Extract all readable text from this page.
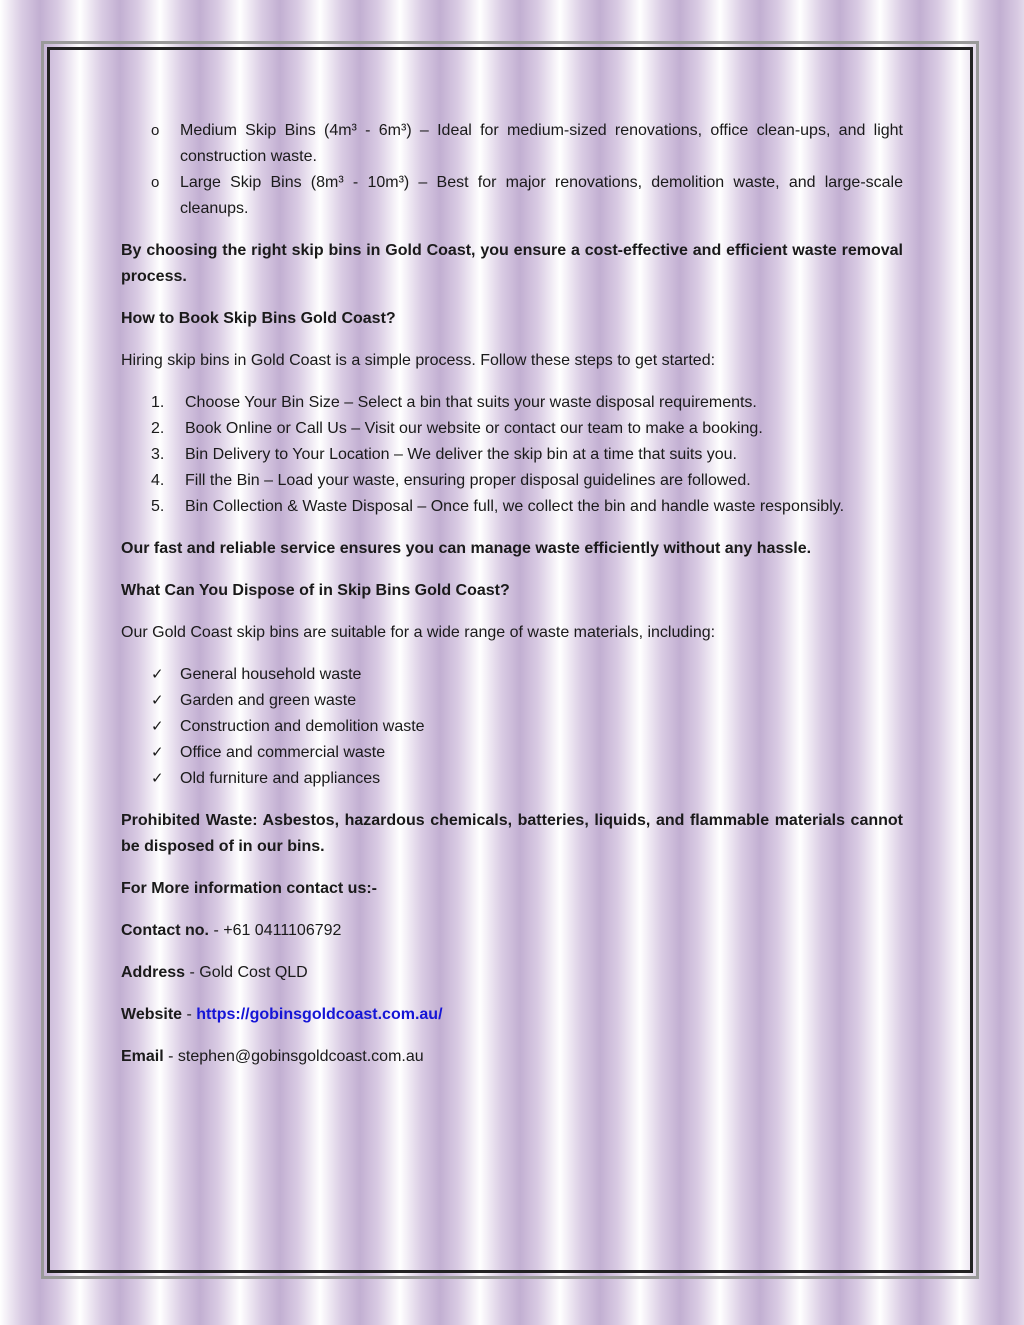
o Medium Skip Bins (4m³ - 6m³) – Ideal for medium-sized renovations, office clean-ups, and light construction waste.
o Large Skip Bins (8m³ - 10m³) – Best for major renovations, demolition waste, and large-scale cleanups.

By choosing the right skip bins in Gold Coast, you ensure a cost-effective and efficient waste removal process.

How to Book Skip Bins Gold Coast?

Hiring skip bins in Gold Coast is a simple process. Follow these steps to get started:

1. Choose Your Bin Size – Select a bin that suits your waste disposal requirements.
2. Book Online or Call Us – Visit our website or contact our team to make a booking.
3. Bin Delivery to Your Location – We deliver the skip bin at a time that suits you.
4. Fill the Bin – Load your waste, ensuring proper disposal guidelines are followed.
5. Bin Collection & Waste Disposal – Once full, we collect the bin and handle waste responsibly.

Our fast and reliable service ensures you can manage waste efficiently without any hassle.

What Can You Dispose of in Skip Bins Gold Coast?

Our Gold Coast skip bins are suitable for a wide range of waste materials, including:

✓ General household waste
✓ Garden and green waste
✓ Construction and demolition waste
✓ Office and commercial waste
✓ Old furniture and appliances

Prohibited Waste: Asbestos, hazardous chemicals, batteries, liquids, and flammable materials cannot be disposed of in our bins.

For More information contact us:-

Contact no. - +61 0411106792

Address - Gold Cost QLD

Website - https://gobinsgoldcoast.com.au/

Email - stephen@gobinsgoldcoast.com.au
